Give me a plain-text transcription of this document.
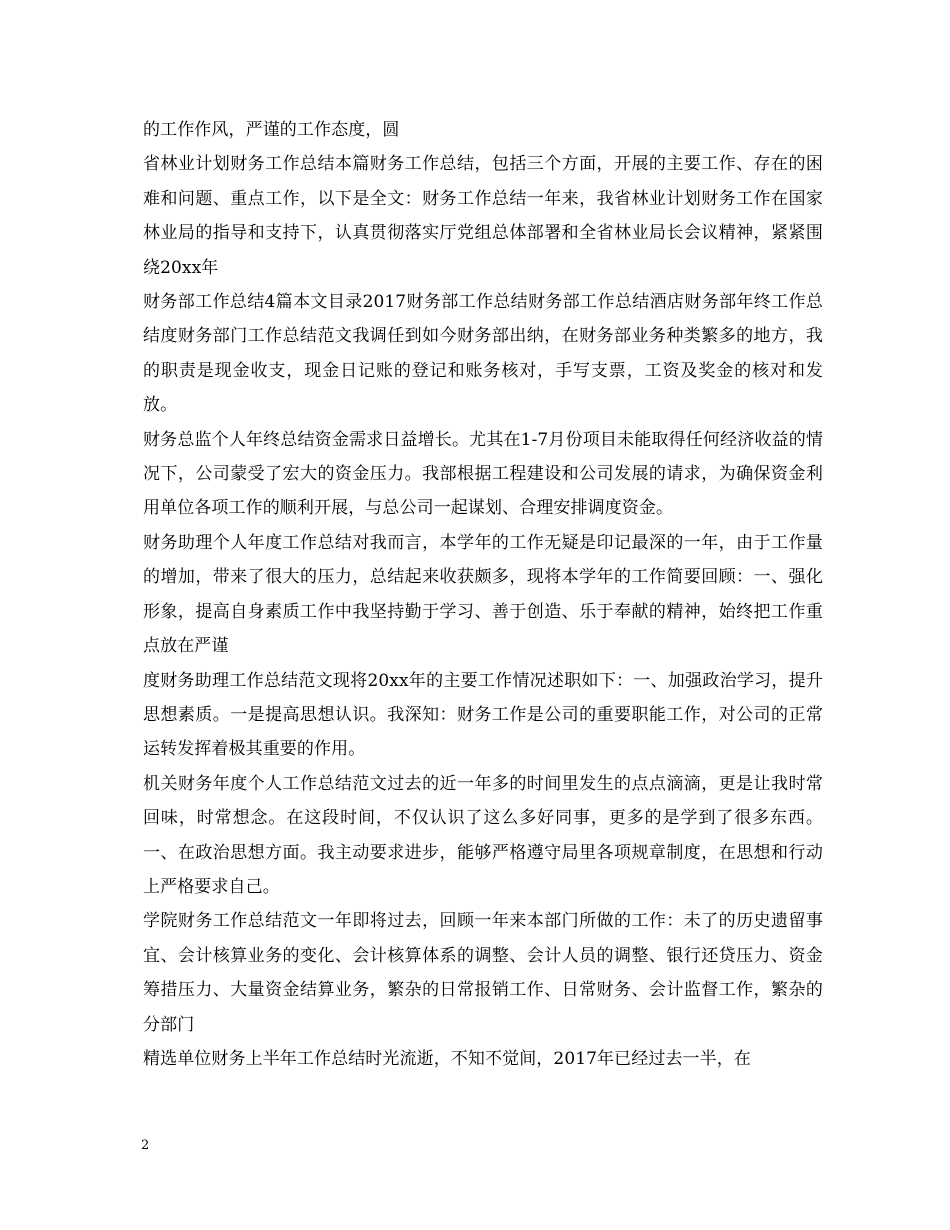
的工作作风，严谨的工作态度，圆

省林业计划财务工作总结本篇财务工作总结，包括三个方面，开展的主要工作、存在的困难和问题、重点工作，以下是全文：财务工作总结一年来，我省林业计划财务工作在国家林业局的指导和支持下，认真贯彻落实厅党组总体部署和全省林业局长会议精神，紧紧围绕20xx年

财务部工作总结4篇本文目录2017财务部工作总结财务部工作总结酒店财务部年终工作总结度财务部门工作总结范文我调任到如今财务部出纳，在财务部业务种类繁多的地方，我的职责是现金收支，现金日记账的登记和账务核对，手写支票，工资及奖金的核对和发放。

财务总监个人年终总结资金需求日益增长。尤其在1-7月份项目未能取得任何经济收益的情况下，公司蒙受了宏大的资金压力。我部根据工程建设和公司发展的请求，为确保资金利用单位各项工作的顺利开展，与总公司一起谋划、合理安排调度资金。

财务助理个人年度工作总结对我而言，本学年的工作无疑是印记最深的一年，由于工作量的增加，带来了很大的压力，总结起来收获颇多，现将本学年的工作简要回顾：一、强化形象，提高自身素质工作中我坚持勤于学习、善于创造、乐于奉献的精神，始终把工作重点放在严谨

度财务助理工作总结范文现将20xx年的主要工作情况述职如下：一、加强政治学习，提升思想素质。一是提高思想认识。我深知：财务工作是公司的重要职能工作，对公司的正常运转发挥着极其重要的作用。

机关财务年度个人工作总结范文过去的近一年多的时间里发生的点点滴滴，更是让我时常回味，时常想念。在这段时间，不仅认识了这么多好同事，更多的是学到了很多东西。一、在政治思想方面。我主动要求进步，能够严格遵守局里各项规章制度，在思想和行动上严格要求自己。

学院财务工作总结范文一年即将过去，回顾一年来本部门所做的工作：未了的历史遗留事宜、会计核算业务的变化、会计核算体系的调整、会计人员的调整、银行还贷压力、资金筹措压力、大量资金结算业务，繁杂的日常报销工作、日常财务、会计监督工作，繁杂的分部门

精选单位财务上半年工作总结时光流逝，不知不觉间，2017年已经过去一半，在

2
